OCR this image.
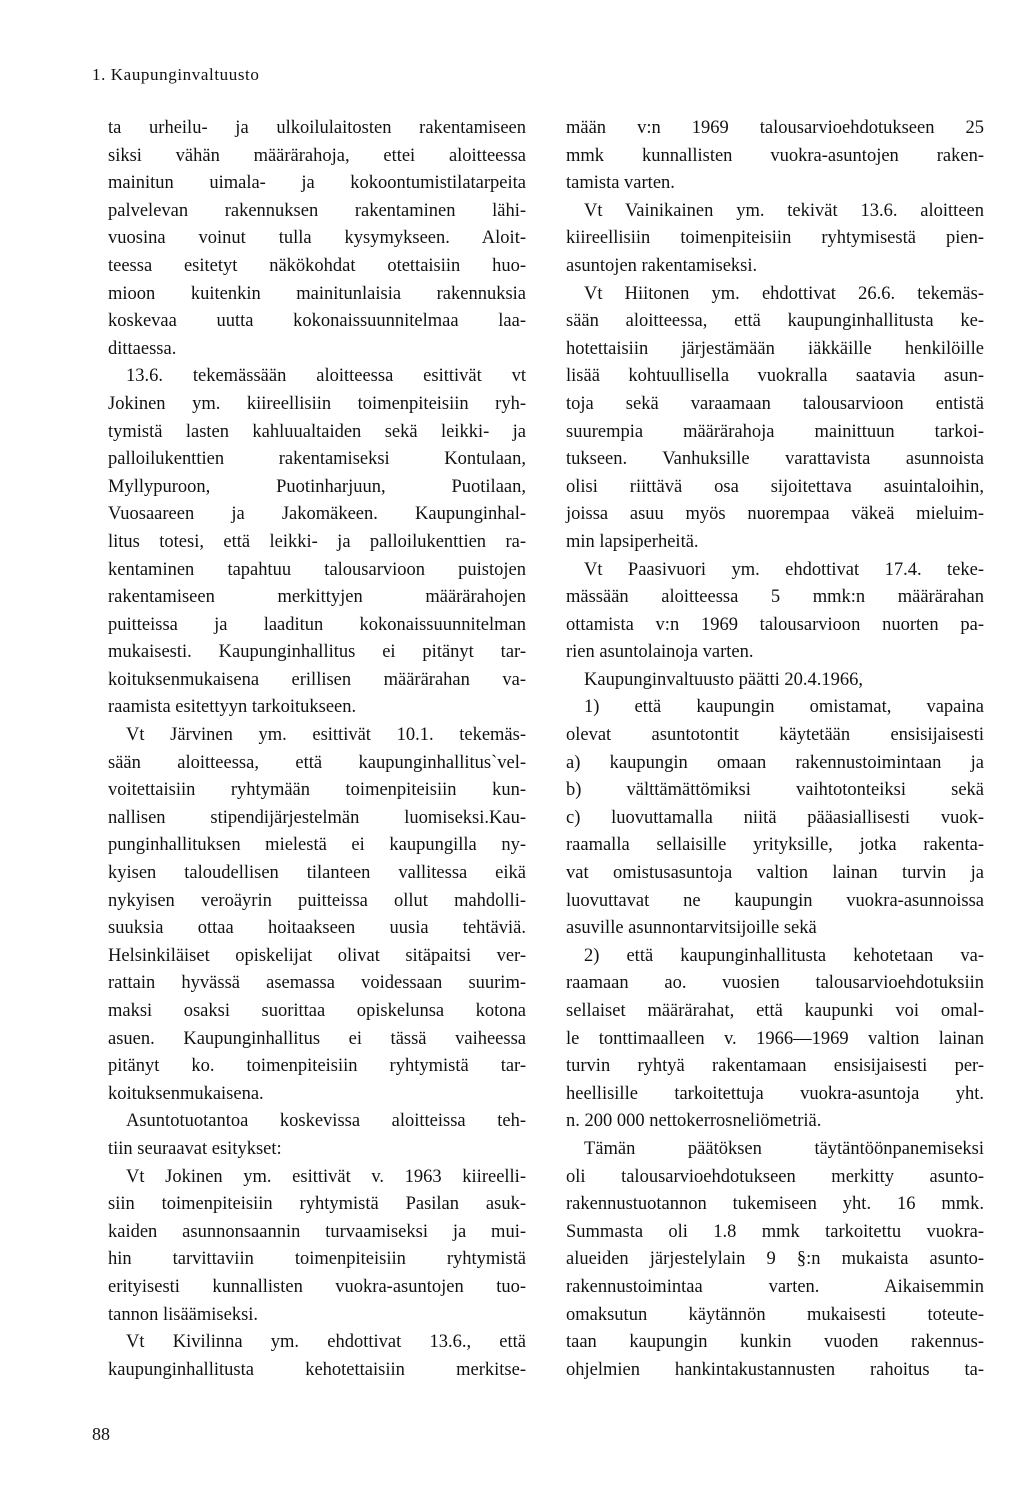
1. Kaupunginvaltuusto
ta urheilu- ja ulkoilulaitosten rakentamiseen
siksi vähän määrärahoja, ettei aloitteessa
mainitun uimala- ja kokoontumistilatarpeita
palvelevan rakennuksen rakentaminen lähi-
vuosina voinut tulla kysymykseen. Aloit-
teessa esitetyt näkökohdat otettaisiin huo-
mioon kuitenkin mainitunlaisia rakennuksia
koskevaa uutta kokonaissuunnitelmaa laa-
dittaessa.
13.6. tekemässään aloitteessa esittivät vt
Jokinen ym. kiireellisiin toimenpiteisiin ryh-
tymistä lasten kahluualtaiden sekä leikki- ja
palloilukenttien rakentamiseksi Kontulaan,
Myllypuroon, Puotinharjuun, Puotilaan,
Vuosaareen ja Jakomäkeen. Kaupunginhal-
litus totesi, että leikki- ja palloilukenttien ra-
kentaminen tapahtuu talousarvioon puistojen
rakentamiseen merkittyjen määrärahojen
puitteissa ja laaditun kokonaissuunnitelman
mukaisesti. Kaupunginhallitus ei pitänyt tar-
koituksenmukaisena erillisen määrärahan va-
raamista esitettyyn tarkoitukseen.
Vt Järvinen ym. esittivät 10.1. tekemäs-
sään aloitteessa, että kaupunginhallitus`vel-
voitettaisiin ryhtymään toimenpiteisiin kun-
nallisen stipendijärjestelmän luomiseksi.Kau-
punginhallituksen mielestä ei kaupungilla ny-
kyisen taloudellisen tilanteen vallitessa eikä
nykyisen veroäyrin puitteissa ollut mahdolli-
suuksia ottaa hoitaakseen uusia tehtäviä.
Helsinkiläiset opiskelijat olivat sitäpaitsi ver-
rattain hyvässä asemassa voidessaan suurim-
maksi osaksi suorittaa opiskelunsa kotona
asuen. Kaupunginhallitus ei tässä vaiheessa
pitänyt ko. toimenpiteisiin ryhtymistä tar-
koituksenmukaisena.
Asuntotuotantoa koskevissa aloitteissa teh-
tiin seuraavat esitykset:
Vt Jokinen ym. esittivät v. 1963 kiireelli-
siin toimenpiteisiin ryhtymistä Pasilan asuk-
kaiden asunnonsaannin turvaamiseksi ja mui-
hin tarvittaviin toimenpiteisiin ryhtymistä
erityisesti kunnallisten vuokra-asuntojen tuo-
tannon lisäämiseksi.
Vt Kivilinna ym. ehdottivat 13.6., että
kaupunginhallitusta kehotettaisiin merkitse-
mään v:n 1969 talousarvioehdotukseen 25
mmk kunnallisten vuokra-asuntojen raken-
tamista varten.
Vt Vainikainen ym. tekivät 13.6. aloitteen
kiireellisiin toimenpiteisiin ryhtymisestä pien-
asuntojen rakentamiseksi.
Vt Hiitonen ym. ehdottivat 26.6. tekemäs-
sään aloitteessa, että kaupunginhallitusta ke-
hotettaisiin järjestämään iäkkäille henkilöille
lisää kohtuullisella vuokralla saatavia asun-
toja sekä varaamaan talousarvioon entistä
suurempia määrärahoja mainittuun tarkoi-
tukseen. Vanhuksille varattavista asunnoista
olisi riittävä osa sijoitettava asuintaloihin,
joissa asuu myös nuorempaa väkeä mieluim-
min lapsiperheitä.
Vt Paasivuori ym. ehdottivat 17.4. teke-
mässään aloitteessa 5 mmk:n määrärahan
ottamista v:n 1969 talousarvioon nuorten pa-
rien asuntolainoja varten.
Kaupunginvaltuusto päätti 20.4.1966,
1) että kaupungin omistamat, vapaina
olevat asuntotontit käytetään ensisijaisesti
a) kaupungin omaan rakennustoimintaan ja
b) välttämättömiksi vaihtotonteiksi sekä
c) luovuttamalla niitä pääasiallisesti vuok-
raamalla sellaisille yrityksille, jotka rakenta-
vat omistusasuntoja valtion lainan turvin ja
luovuttavat ne kaupungin vuokra-asunnoissa
asuville asunnontarvitsijoille sekä
2) että kaupunginhallitusta kehotetaan va-
raamaan ao. vuosien talousarvioehdotuksiin
sellaiset määrärahat, että kaupunki voi omal-
le tonttimaalleen v. 1966—1969 valtion lainan
turvin ryhtyä rakentamaan ensisijaisesti per-
heellisille tarkoitettuja vuokra-asuntoja yht.
n. 200 000 nettokerrosneliömetriä.
Tämän päätöksen täytäntöönpanemiseksi
oli talousarvioehdotukseen merkitty asunto-
rakennustuotannon tukemiseen yht. 16 mmk.
Summasta oli 1.8 mmk tarkoitettu vuokra-
alueiden järjestelylain 9 §:n mukaista asunto-
rakennustoimintaa varten. Aikaisemmin
omaksutun käytännön mukaisesti toteute-
taan kaupungin kunkin vuoden rakennus-
ohjelmien hankintakustannusten rahoitus ta-
88
